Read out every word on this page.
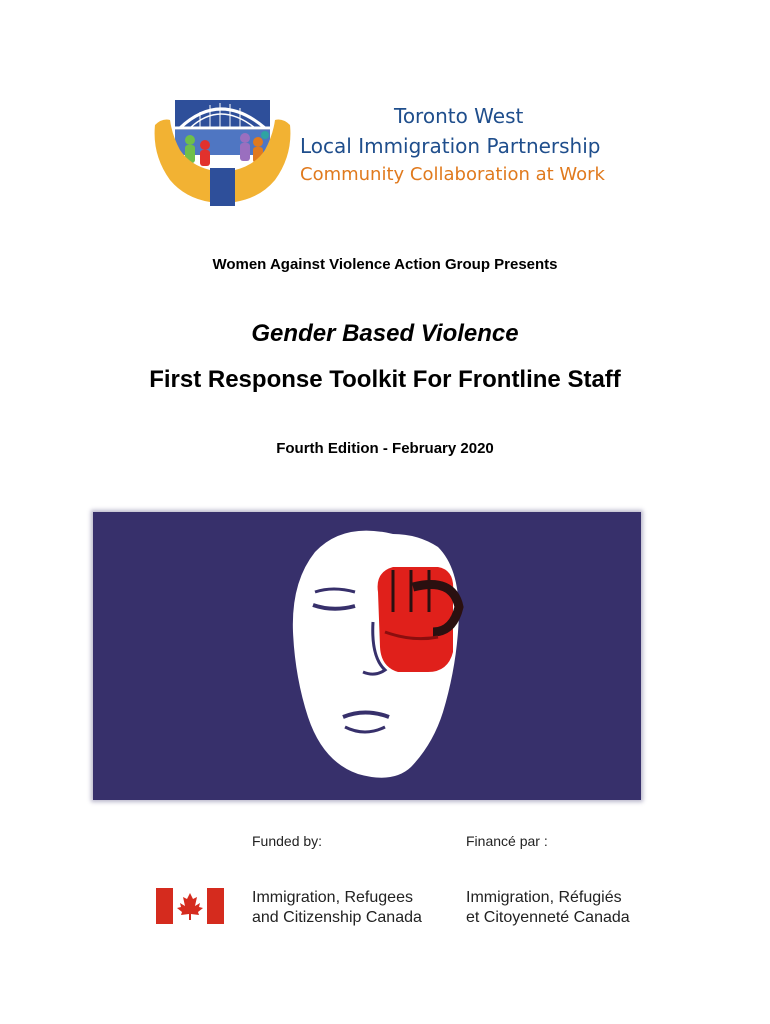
Toronto West
Local Immigration Partnership
Community Collaboration at Work
Women Against Violence Action Group Presents
Gender Based Violence
First Response Toolkit For Frontline Staff
Fourth Edition - February 2020
Funded by:	Financé par :
Immigration, Refugees
and Citizenship Canada
Immigration, Réfugiés
et Citoyenneté Canada
